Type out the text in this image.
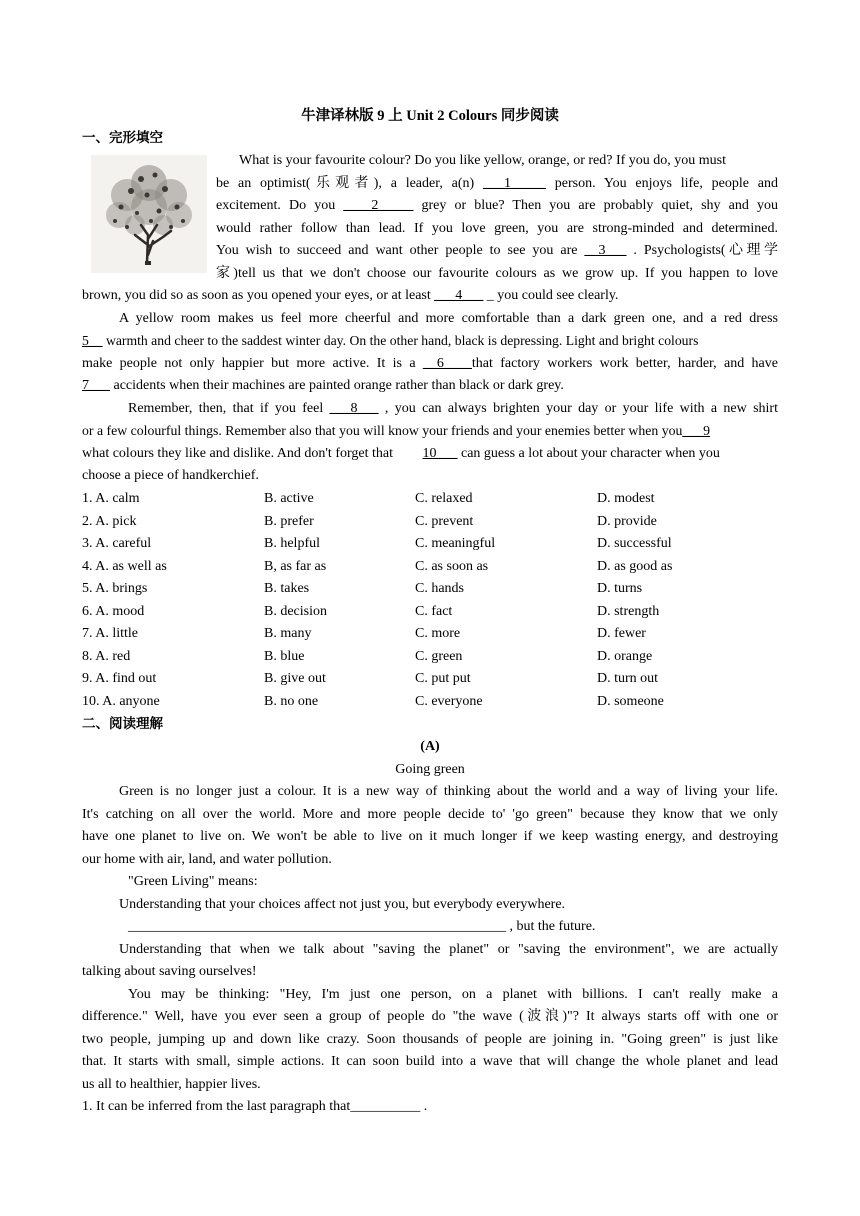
牛津译林版 9 上 Unit 2 Colours 同步阅读
一、完形填空
What is your favourite colour? Do you like yellow, orange, or red? If you do, you must
be an optimist(乐观者), a leader, a(n) ___1_____ person. You enjoys life, people and
excitement. Do you ____2_____ grey or blue? Then you are probably quiet, shy and you
would rather follow than lead. If you love green, you are strong-minded and determined.
You wish to succeed and want other people to see you are __3___ . Psychologists(心理学
家)tell us that we don't choose our favourite colours as we grow up. If you happen to love
brown, you did so as soon as you opened your eyes, or at least ___4___ _ you could see clearly.
A yellow room makes us feel more cheerful and more comfortable than a dark green one, and a red dress
5__ warmth and cheer to the saddest winter day. On the other hand, black is depressing. Light and bright colours
make people not only happier but more active. It is a __6____that factory workers work better, harder, and have
7___ accidents when their machines are painted orange rather than black or dark grey.
Remember, then, that if you feel ___8___ , you can always brighten your day or your life with a new shirt
or a few colourful things. Remember also that you will know your friends and your enemies better when you___9
what colours they like and dislike. And don't forget that 10___ can guess a lot about your character when you
choose a piece of handkerchief.
1. A. calm	B. active	C. relaxed	D. modest
2. A. pick	B. prefer	C. prevent	D. provide
3. A. careful	B. helpful	C. meaningful	D. successful
4. A. as well as	B, as far as	C. as soon as	D. as good as
5. A. brings	B. takes	C. hands	D. turns
6. A. mood	B. decision	C. fact	D. strength
7. A. little	B. many	C. more	D. fewer
8. A. red	B. blue	C. green	D. orange
9. A. find out	B. give out	C. put put	D. turn out
10. A. anyone	B. no one	C. everyone	D. someone
二、阅读理解
(A)
Going green
Green is no longer just a colour. It is a new way of thinking about the world and a way of living your life.
It's catching on all over the world. More and more people decide to' 'go green" because they know that we only
have one planet to live on. We won't be able to live on it much longer if we keep wasting energy, and destroying
our home with air, land, and water pollution.
"Green Living" means:
Understanding that your choices affect not just you, but everybody everywhere.
______________________________________________________ , but the future.
Understanding that when we talk about "saving the planet" or "saving the environment", we are actually
talking about saving ourselves!
You may be thinking: "Hey, I'm just one person, on a planet with billions. I can't really make a
difference." Well, have you ever seen a group of people do "the wave (波浪)"? It always starts off with one or
two people, jumping up and down like crazy. Soon thousands of people are joining in. "Going green" is just like
that. It starts with small, simple actions. It can soon build into a wave that will change the whole planet and lead
us all to healthier, happier lives.
1. It can be inferred from the last paragraph that__________ .
